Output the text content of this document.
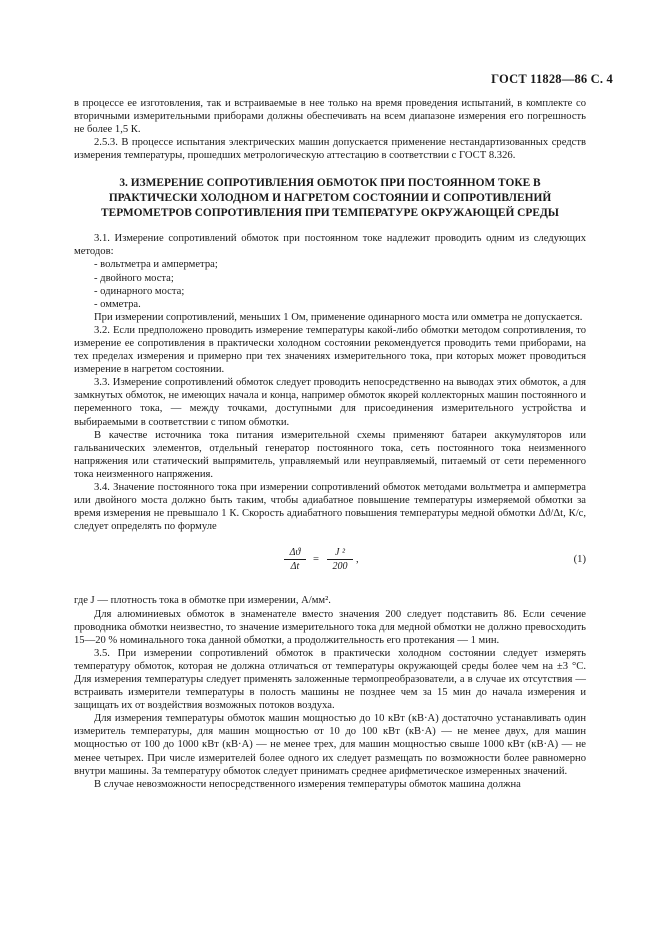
ГОСТ 11828—86 С. 4

в процессе ее изготовления, так и встраиваемые в нее только на время проведения испытаний, в комплекте со вторичными измерительными приборами должны обеспечивать на всем диапазоне измерения его погрешность не более 1,5 К.

2.5.3. В процессе испытания электрических машин допускается применение нестандартизованных средств измерения температуры, прошедших метрологическую аттестацию в соответствии с ГОСТ 8.326.

3. ИЗМЕРЕНИЕ СОПРОТИВЛЕНИЯ ОБМОТОК ПРИ ПОСТОЯННОМ ТОКЕ В ПРАКТИЧЕСКИ ХОЛОДНОМ И НАГРЕТОМ СОСТОЯНИИ И СОПРОТИВЛЕНИЙ ТЕРМОМЕТРОВ СОПРОТИВЛЕНИЯ ПРИ ТЕМПЕРАТУРЕ ОКРУЖАЮЩЕЙ СРЕДЫ

3.1. Измерение сопротивлений обмоток при постоянном токе надлежит проводить одним из следующих методов:

- вольтметра и амперметра;

- двойного моста;

- одинарного моста;

- омметра.

При измерении сопротивлений, меньших 1 Ом, применение одинарного моста или омметра не допускается.

3.2. Если предположено проводить измерение температуры какой-либо обмотки методом сопротивления, то измерение ее сопротивления в практически холодном состоянии рекомендуется проводить теми приборами, на тех пределах измерения и примерно при тех значениях измерительного тока, при которых может проводиться измерение в нагретом состоянии.

3.3. Измерение сопротивлений обмоток следует проводить непосредственно на выводах этих обмоток, а для замкнутых обмоток, не имеющих начала и конца, например обмоток якорей коллекторных машин постоянного и переменного тока, — между точками, доступными для присоединения измерительного устройства и выбираемыми в соответствии с типом обмотки.

В качестве источника тока питания измерительной схемы применяют батареи аккумуляторов или гальванических элементов, отдельный генератор постоянного тока, сеть постоянного тока неизменного напряжения или статический выпрямитель, управляемый или неуправляемый, питаемый от сети переменного тока неизменного напряжения.

3.4. Значение постоянного тока при измерении сопротивлений обмоток методами вольтметра и амперметра или двойного моста должно быть таким, чтобы адиабатное повышение температуры измеряемой обмотки за время измерения не превышало 1 К. Скорость адиабатного повышения температуры медной обмотки Δϑ/Δt, К/с, следует определять по формуле

$\frac{\Delta ϑ}{\Delta t} = \frac{\text{J ²}}{200}$ ,	(1)

где J — плотность тока в обмотке при измерении, А/мм².

Для алюминиевых обмоток в знаменателе вместо значения 200 следует подставить 86. Если сечение проводника обмотки неизвестно, то значение измерительного тока для медной обмотки не должно превосходить 15—20 % номинального тока данной обмотки, а продолжительность его протекания — 1 мин.

3.5. При измерении сопротивлений обмоток в практически холодном состоянии следует измерять температуру обмоток, которая не должна отличаться от температуры окружающей среды более чем на ±3 °С. Для измерения температуры следует применять заложенные термопреобразователи, а в случае их отсутствия — встраивать измерители температуры в полость машины не позднее чем за 15 мин до начала измерения и защищать их от воздействия возможных потоков воздуха.

Для измерения температуры обмоток машин мощностью до 10 кВт (кВ·А) достаточно устанавливать один измеритель температуры, для машин мощностью от 10 до 100 кВт (кВ·А) — не менее двух, для машин мощностью от 100 до 1000 кВт (кВ·А) — не менее трех, для машин мощностью свыше 1000 кВт (кВ·А) — не менее четырех. При числе измерителей более одного их следует размещать по возможности более равномерно внутри машины. За температуру обмоток следует принимать среднее арифметическое измеренных значений.

В случае невозможности непосредственного измерения температуры обмоток машина должна
